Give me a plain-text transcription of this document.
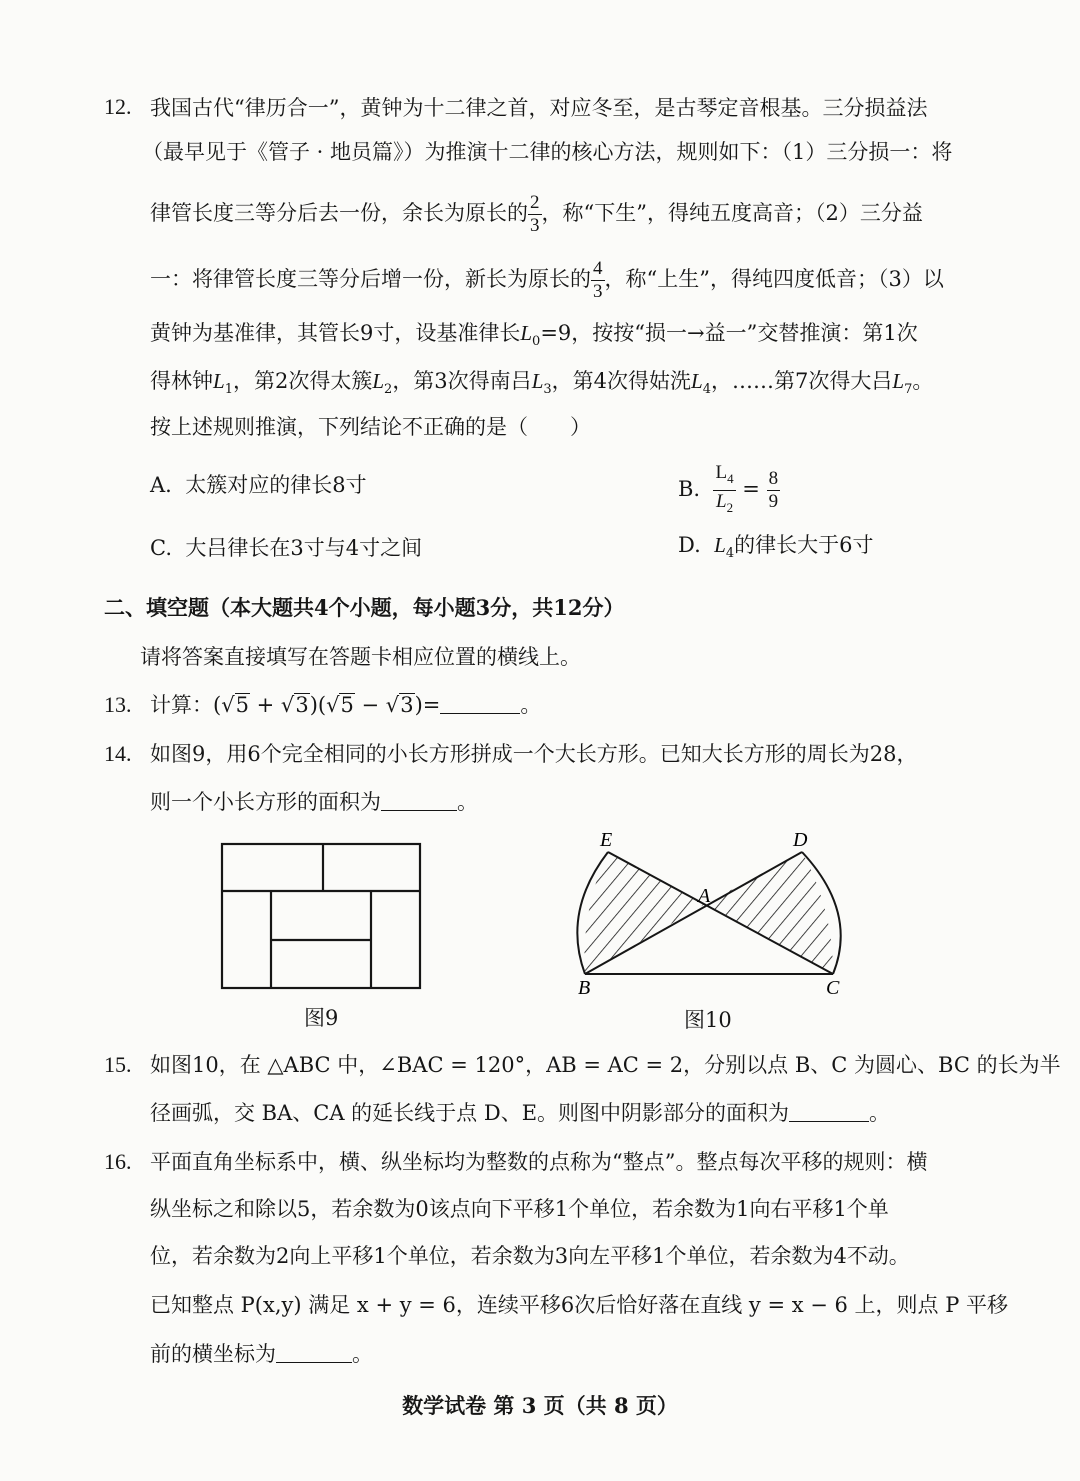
12. 我国古代“律历合一”，黄钟为十二律之首，对应冬至，是古琴定音根基。三分损益法
（最早见于《管子 · 地员篇》）为推演十二律的核心方法，规则如下：（1）三分损一：将
律管长度三等分后去一份，余长为原长的 $\frac{2}{3}$ ，称“下生”，得纯五度高音；（2）三分益
一：将律管长度三等分后增一份，新长为原长的 $\frac{4}{3}$ ，称“上生”，得纯四度低音；（3）以
黄钟为基准律，其管长9寸，设基准律长$L_0=9$，按按“损一→益一”交替推演：第1次
得林钟$L_1$，第2次得太簇$L_2$，第3次得南吕$L_3$，第4次得姑洗$L_4$，……第7次得大吕$L_7$。
按上述规则推演，下列结论不正确的是（　　）
A. 太簇对应的律长8寸	B. $\frac{L_4}{L_2} = \frac{8}{9}$
C. 大吕律长在3寸与4寸之间	D. $L_4$的律长大于6寸
二、填空题（本大题共4个小题，每小题3分，共12分）
请将答案直接填写在答题卡相应位置的横线上。
13. 计算：(√5 + √3)(√5 − √3)=	。
14. 如图9，用6个完全相同的小长方形拼成一个大长方形。已知大长方形的周长为28，
则一个小长方形的面积为	。
图9
E	D
A
B	C
图10
15. 如图10，在 △ABC 中，∠BAC = 120°，AB = AC = 2，分别以点 B、C 为圆心、BC 的长为半
径画弧，交 BA、CA 的延长线于点 D、E。则图中阴影部分的面积为	。
16. 平面直角坐标系中，横、纵坐标均为整数的点称为“整点”。整点每次平移的规则：横
纵坐标之和除以5，若余数为0该点向下平移1个单位，若余数为1向右平移1个单
位，若余数为2向上平移1个单位，若余数为3向左平移1个单位，若余数为4不动。
已知整点 P(x,y) 满足 x + y = 6，连续平移6次后恰好落在直线 y = x − 6 上，则点 P 平移
前的横坐标为	。
数学试卷 第 3 页（共 8 页）
